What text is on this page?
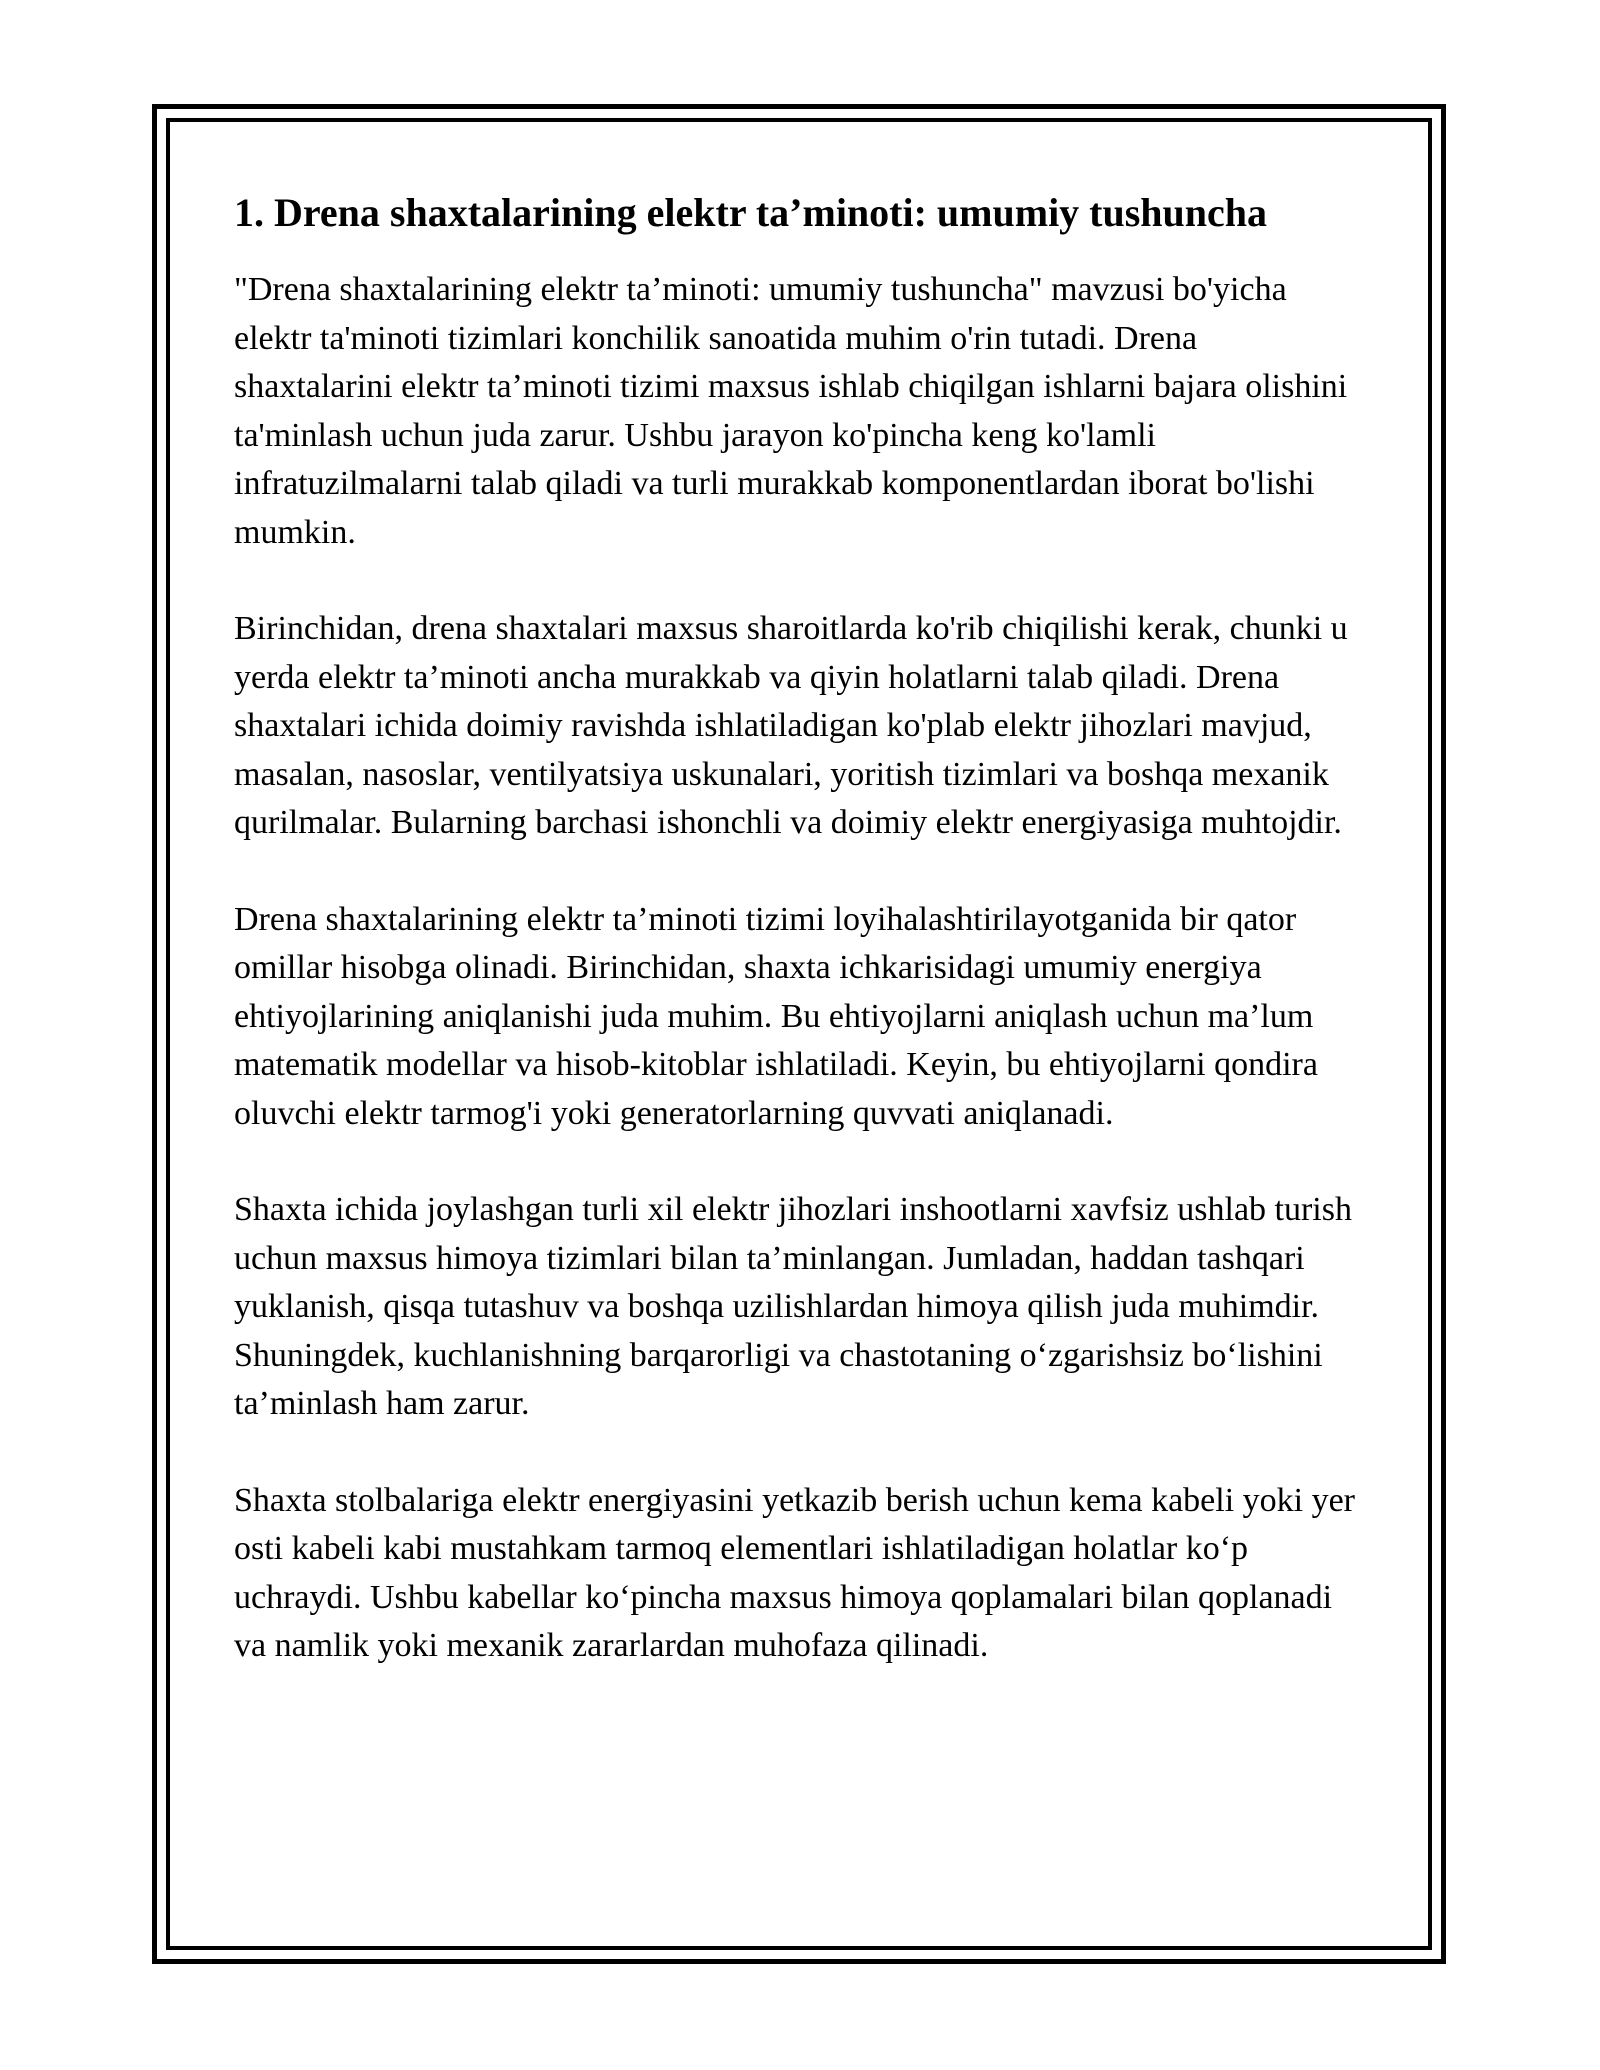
1. Drena shaxtalarining elektr ta’minoti: umumiy tushuncha

"Drena shaxtalarining elektr ta’minoti: umumiy tushuncha" mavzusi bo'yicha elektr ta'minoti tizimlari konchilik sanoatida muhim o'rin tutadi. Drena shaxtalarini elektr ta’minoti tizimi maxsus ishlab chiqilgan ishlarni bajara olishini ta'minlash uchun juda zarur. Ushbu jarayon ko'pincha keng ko'lamli infratuzilmalarni talab qiladi va turli murakkab komponentlardan iborat bo'lishi mumkin.

Birinchidan, drena shaxtalari maxsus sharoitlarda ko'rib chiqilishi kerak, chunki u yerda elektr ta’minoti ancha murakkab va qiyin holatlarni talab qiladi. Drena shaxtalari ichida doimiy ravishda ishlatiladigan ko'plab elektr jihozlari mavjud, masalan, nasoslar, ventilyatsiya uskunalari, yoritish tizimlari va boshqa mexanik qurilmalar. Bularning barchasi ishonchli va doimiy elektr energiyasiga muhtojdir.

Drena shaxtalarining elektr ta’minoti tizimi loyihalashtirilayotganida bir qator omillar hisobga olinadi. Birinchidan, shaxta ichkarisidagi umumiy energiya ehtiyojlarining aniqlanishi juda muhim. Bu ehtiyojlarni aniqlash uchun ma’lum matematik modellar va hisob-kitoblar ishlatiladi. Keyin, bu ehtiyojlarni qondira oluvchi elektr tarmog'i yoki generatorlarning quvvati aniqlanadi.

Shaxta ichida joylashgan turli xil elektr jihozlari inshootlarni xavfsiz ushlab turish uchun maxsus himoya tizimlari bilan ta’minlangan. Jumladan, haddan tashqari yuklanish, qisqa tutashuv va boshqa uzilishlardan himoya qilish juda muhimdir. Shuningdek, kuchlanishning barqarorligi va chastotaning o‘zgarishsiz bo‘lishini ta’minlash ham zarur.

Shaxta stolbalariga elektr energiyasini yetkazib berish uchun kema kabeli yoki yer osti kabeli kabi mustahkam tarmoq elementlari ishlatiladigan holatlar ko‘p uchraydi. Ushbu kabellar ko‘pincha maxsus himoya qoplamalari bilan qoplanadi va namlik yoki mexanik zararlardan muhofaza qilinadi.
